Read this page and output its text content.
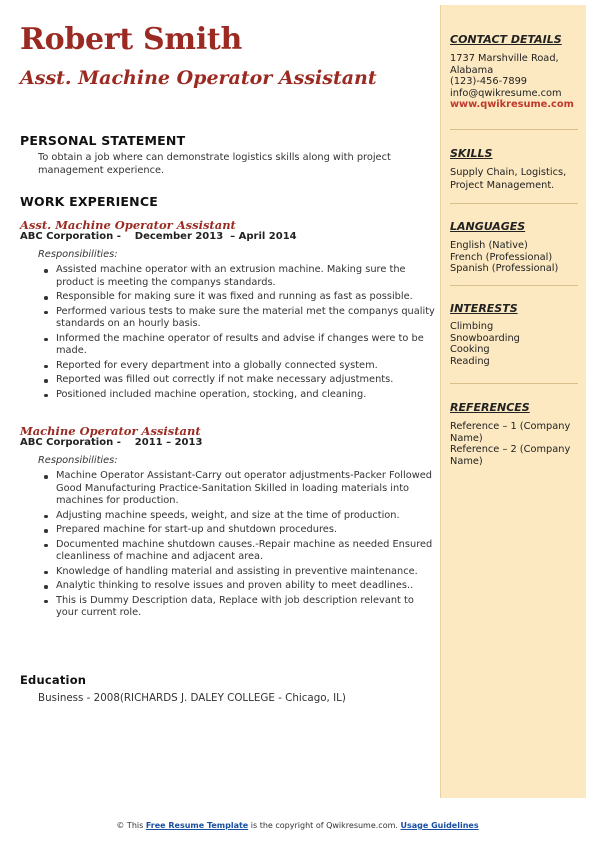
Robert Smith
Asst. Machine Operator Assistant
PERSONAL STATEMENT
To obtain a job where can demonstrate logistics skills along with project management experience.
WORK EXPERIENCE
Asst. Machine Operator Assistant
ABC Corporation -    December 2013  – April 2014
Responsibilities:
Assisted machine operator with an extrusion machine. Making sure the product is meeting the companys standards.
Responsible for making sure it was fixed and running as fast as possible.
Performed various tests to make sure the material met the companys quality standards on an hourly basis.
Informed the machine operator of results and advise if changes were to be made.
Reported for every department into a globally connected system.
Reported was filled out correctly if not make necessary adjustments.
Positioned included machine operation, stocking, and cleaning.
Machine Operator Assistant
ABC Corporation -    2011 – 2013
Responsibilities:
Machine Operator Assistant-Carry out operator adjustments-Packer Followed Good Manufacturing Practice-Sanitation Skilled in loading materials into machines for production.
Adjusting machine speeds, weight, and size at the time of production.
Prepared machine for start-up and shutdown procedures.
Documented machine shutdown causes.-Repair machine as needed Ensured cleanliness of machine and adjacent area.
Knowledge of handling material and assisting in preventive maintenance.
Analytic thinking to resolve issues and proven ability to meet deadlines..
This is Dummy Description data, Replace with job description relevant to your current role.
Education
Business - 2008(RICHARDS J. DALEY COLLEGE - Chicago, IL)
CONTACT DETAILS
1737 Marshville Road,
Alabama
(123)-456-7899
info@qwikresume.com
www.qwikresume.com
SKILLS
Supply Chain, Logistics, Project Management.
LANGUAGES
English (Native)
French (Professional)
Spanish (Professional)
INTERESTS
Climbing
Snowboarding
Cooking
Reading
REFERENCES
Reference – 1 (Company Name)
Reference – 2 (Company Name)
© This Free Resume Template is the copyright of Qwikresume.com. Usage Guidelines
